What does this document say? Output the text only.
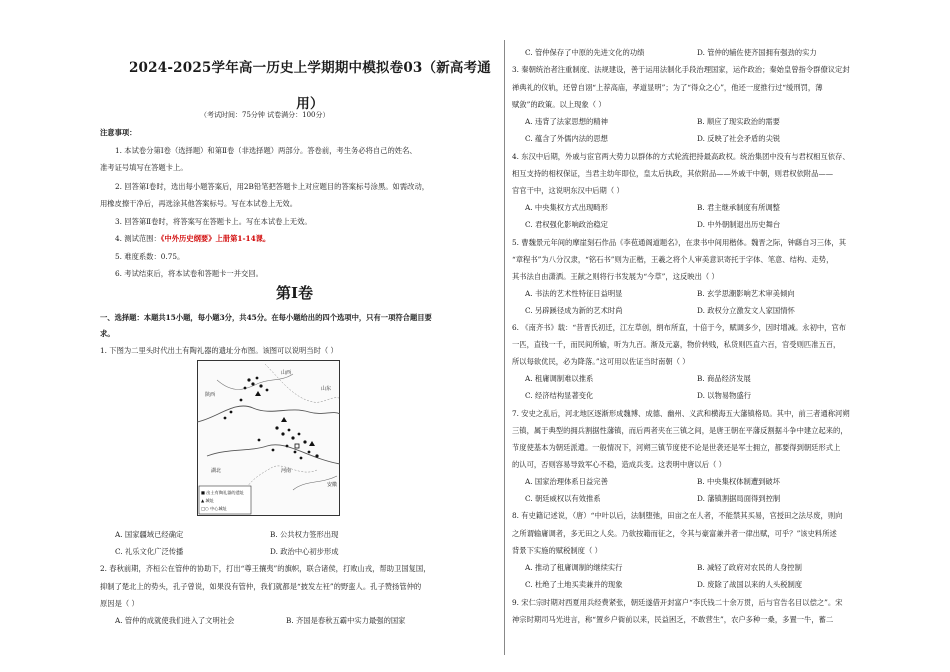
2024-2025学年高一历史上学期期中模拟卷03（新高考通
用）
（考试时间：75分钟 试卷满分：100分）
注意事项：
1. 本试卷分第Ⅰ卷（选择题）和第Ⅱ卷（非选择题）两部分。答卷前，考生务必将自己的姓名、
准考证号填写在答题卡上。
2. 回答第Ⅰ卷时，选出每小题答案后，用2B铅笔把答题卡上对应题目的答案标号涂黑。如需改动，
用橡皮擦干净后，再选涂其他答案标号。写在本试卷上无效。
3. 回答第Ⅱ卷时，将答案写在答题卡上。写在本试卷上无效。
4. 测试范围：《中外历史纲要》上册第1-14课。
5. 难度系数：0.75。
6. 考试结束后，将本试卷和答题卡一并交回。
第Ⅰ卷
一、选择题：本题共15小题，每小题3分，共45分。在每小题给出的四个选项中，只有一项符合题目要
求。
1. 下图为二里头时代出土有陶礼器的遗址分布图。该图可以说明当时（ ）
陕西
山西
山东
河南
安徽
湖北
■ 出土有陶礼器的遗址
▲ 城址
□○ 中心城址
A. 国家疆域已经确定	B. 公共权力签形出现
C. 礼乐文化广泛传播	D. 政治中心初步形成
2. 春秋前期，齐桓公在管仲的协助下，打出“尊王攘夷”的旗帜，联合诸侯，打败山戎，帮助卫国复国，
抑制了楚北上的势头，孔子曾说，如果没有管仲，我们就都是“披发左衽”的野蛮人。孔子赞扬管仲的
原因是（ ）
A. 管仲的成就使我们进入了文明社会	B. 齐国是春秋五霸中实力最强的国家
C. 管仲保存了中原的先进文化的功绩	D. 管仲的辅佐使齐国拥有强劲的实力
3. 秦朝统治者注重制度、法规建设，善于运用法制化手段治理国家，运作政治；秦始皇曾指令群僚议定封
禅典礼的仪轨，还曾自诩“上荐高庙，孝道显明”；为了“得众之心”，他还一度推行过“缓刑罚，薄
赋敛”的政策。以上现象（ ）
A. 违背了法家思想的精神	B. 顺应了现实政治的需要
C. 蕴含了外儒内法的思想	D. 反映了社会矛盾的尖锐
4. 东汉中后期，外戚与宦官两大势力以群体的方式轮流把持最高政权。统治集团中没有与君权相互依存、
相互支持的相权保证，当君主幼年即位，皇太后执政，其依附品——外戚干中朝，则君权依附品——
官官干中，这说明东汉中后期（ ）
A. 中央集权方式出现畸形	B. 君主继承制度有所调整
C. 君权强化影响政治稳定	D. 中外朝制退出历史舞台
5. 曹魏景元年间的摩崖刻石作品《李苞通阁道题名》，在隶书中间用楷体。魏晋之际，钟繇自习三体，其
“章程书”为八分汉隶，“铭石书”则为正楷，王羲之将个人审美意识寄托于字体、笔意、结构、走势，
其书法自由潇洒。王献之则将行书发展为“今草”，这反映出（ ）
A. 书法的艺术性特征日益明显	B. 玄学思潮影响艺术审美倾向
C. 另辟蹊径成为新的艺术时尚	D. 政权分立激发文人家国情怀
6. 《南齐书》载：“昔晋氏初迁，江左草创，绢布所直，十倍于今，赋调多少，因时增减。永初中，官布
一匹，直钱一千，而民间所输，听为九百。渐及元嘉，物价转贱，私货则匹直六百，官受则匹准五百，
所以每欲优民，必为降落。”这可用以佐证当时南朝（ ）
A. 租庸调制难以推系	B. 商品经济发展
C. 经济结构显著变化	D. 以物易物盛行
7. 安史之乱后，河北地区逐渐形成魏博、成德、幽州、义武和横海五大藩镇格局。其中，前三者通称河朔
三镇，属于典型的拥兵割据性藩镇，而后两者夹在三镇之间，是唐王朝在平藩反割据斗争中建立起来的，
节度使基本为朝廷派遣。一般情况下，河朔三镇节度使不论是世袭还是军士拥立，都要得到朝廷形式上
的认可，否则容易导致军心不稳，造成兵变。这表明中唐以后（ ）
A. 国家治理体系日益完善	B. 中央集权体制遭到破坏
C. 朝廷威权以有效推系	D. 藩镇割据局面得到控制
8. 有史籍记述说，（唐）“中叶以后，法制堕弛，田亩之在人者，不能禁其买易，官授田之法尽废，则向
之所谓输庸调者，多无田之人矣。乃欲按籍而征之，令其与豪富兼并者一律出赋，可乎？”该史料所述
背景下实施的赋税制度（ ）
A. 推动了租庸调制的继续实行	B. 减轻了政府对农民的人身控制
C. 杜绝了土地买卖兼并的现象	D. 废除了战国以来的人头税制度
9. 宋仁宗时期对西夏用兵经费紧张，朝廷遂借开封富户“李氏钱二十余万贯，后与官告名目以偿之”。宋
神宗时期司马光进言，称“置乡户衙前以来，民益困乏，不敢营生”，农户多种一桑，多置一牛，蓄二
